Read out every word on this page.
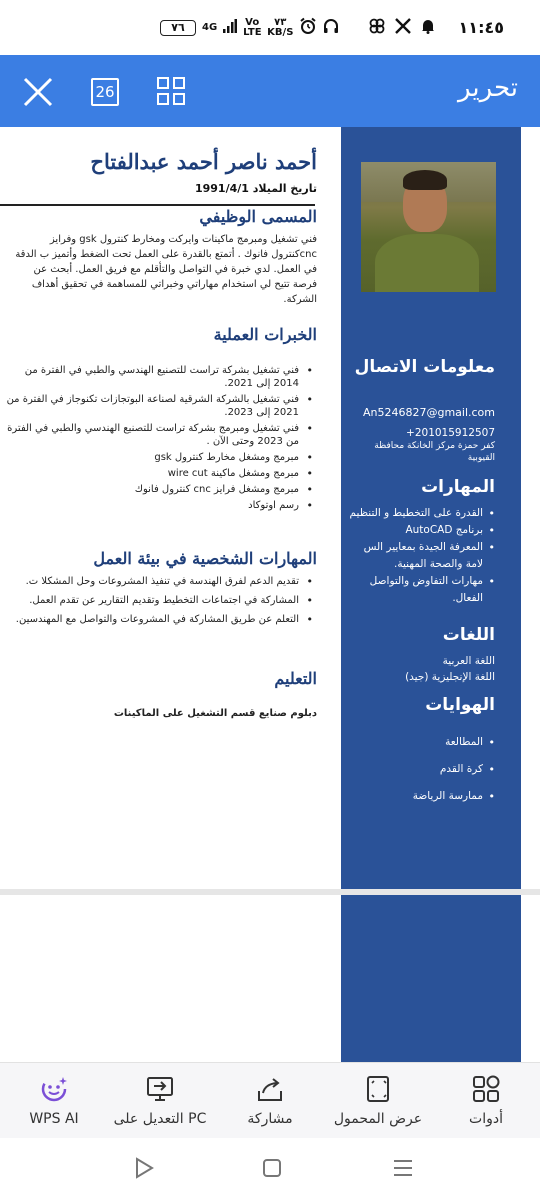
٧٦	4G	Vo LTE
٧٣
KB/S	١١:٤٥
26	تحرير
معلومات الاتصال
An5246827@gmail.com
+201015912507
كفر حمزة مركز الخانكة محافظة القيوبية
المهارات
• القدرة على التخطيط و التنظيم
• برنامج AutoCAD
• المعرفة الجيدة بمعايير الس لامة والصحة المهنية.
• مهارات التفاوض والتواصل الفعال.
اللغات
اللغة العربية
اللغة الإنجليزية (جيد)
الهوايات
• المطالعة
• كرة القدم
• ممارسة الرياضة
أحمد ناصر أحمد عبدالفتاح
تاريخ الميلاد 1991/4/1
المسمى الوظيفي
فني تشغيل ومبرمج ماكينات وايركت ومخارط كنترول gsk وفرايز cncكنترول فانوك . أتمتع بالقدرة على العمل تحت الضغط وأتميز ب الدقة في العمل. لدي خبرة في التواصل والتأقلم مع فريق العمل. أبحث عن فرصة تتيح لي استخدام مهاراتي وخبراتي للمساهمة في تحقيق أهداف الشركة.
الخبرات العملية
• فني تشغيل بشركة تراست للتصنيع الهندسي والطبي في الفترة من 2014 إلى 2021.
• فني تشغيل بالشركة الشرقية لصناعة البوتجازات تكنوجاز في الفترة من 2021 إلى 2023.
• فني تشغيل ومبرمج بشركة تراست للتصنيع الهندسي والطبي في الفترة من 2023 وحتى الآن .
• مبرمج ومشغل مخارط كنترول gsk
• مبرمج ومشغل ماكينة wire cut
• مبرمج ومشغل فرايز cnc كنترول فانوك
• رسم اوتوكاد
المهارات الشخصية في بيئة العمل
• تقديم الدعم لفرق الهندسة في تنفيذ المشروعات وحل المشكلا ت.
• المشاركة في اجتماعات التخطيط وتقديم التقارير عن تقدم العمل.
• التعلم عن طريق المشاركة في المشروعات والتواصل مع المهندسين.
التعليم
دبلوم صنايع قسم التشغيل على الماكينات
WPS AI	التعديل على PC	مشاركة	عرض المحمول	أدوات
